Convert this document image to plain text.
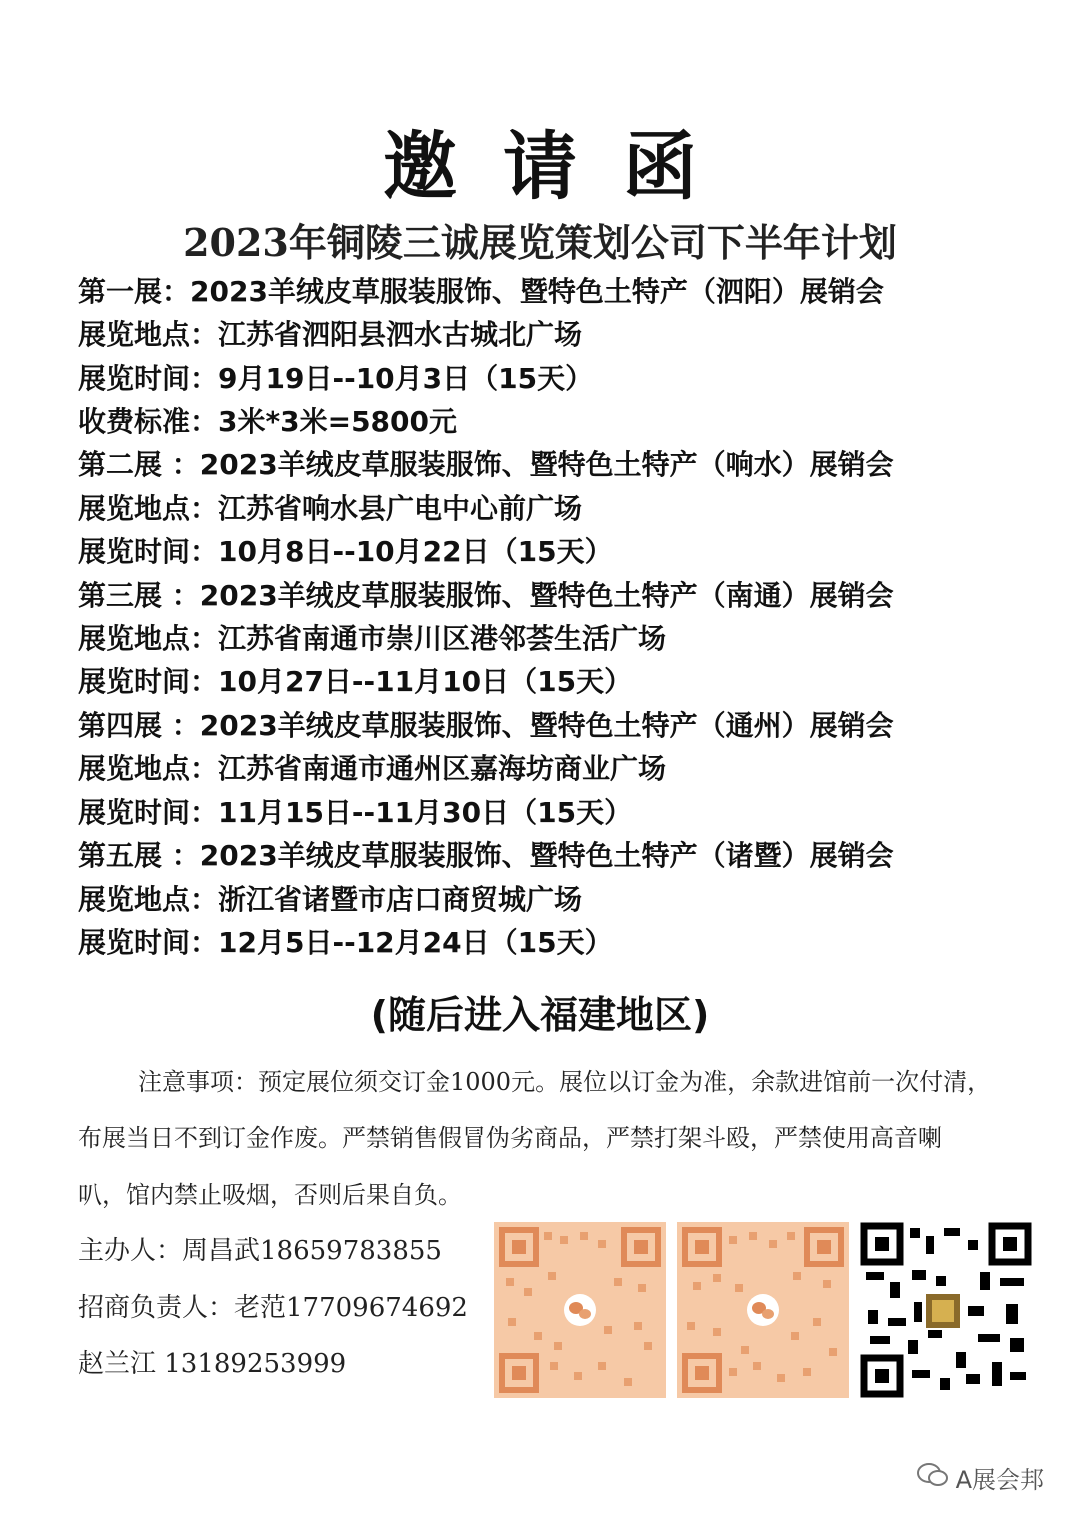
邀请函
2023年铜陵三诚展览策划公司下半年计划
第一展：2023羊绒皮草服装服饰、暨特色土特产（泗阳）展销会
展览地点：江苏省泗阳县泗水古城北广场
展览时间：9月19日--10月3日（15天）
收费标准：3米*3米=5800元
第二展 ：2023羊绒皮草服装服饰、暨特色土特产（响水）展销会
展览地点：江苏省响水县广电中心前广场
展览时间：10月8日--10月22日（15天）
第三展 ：2023羊绒皮草服装服饰、暨特色土特产（南通）展销会
展览地点：江苏省南通市崇川区港邻荟生活广场
展览时间：10月27日--11月10日（15天）
第四展 ：2023羊绒皮草服装服饰、暨特色土特产（通州）展销会
展览地点：江苏省南通市通州区嘉海坊商业广场
展览时间：11月15日--11月30日（15天）
第五展 ：2023羊绒皮草服装服饰、暨特色土特产（诸暨）展销会
展览地点：浙江省诸暨市店口商贸城广场
展览时间：12月5日--12月24日（15天）
(随后进入福建地区)
注意事项：预定展位须交订金1000元。展位以订金为准，余款进馆前一次付清，
布展当日不到订金作废。严禁销售假冒伪劣商品，严禁打架斗殴，严禁使用高音喇
叭，馆内禁止吸烟，否则后果自负。
主办人：周昌武18659783855
招商负责人：老范17709674692
赵兰江 13189253999
A展会邦
